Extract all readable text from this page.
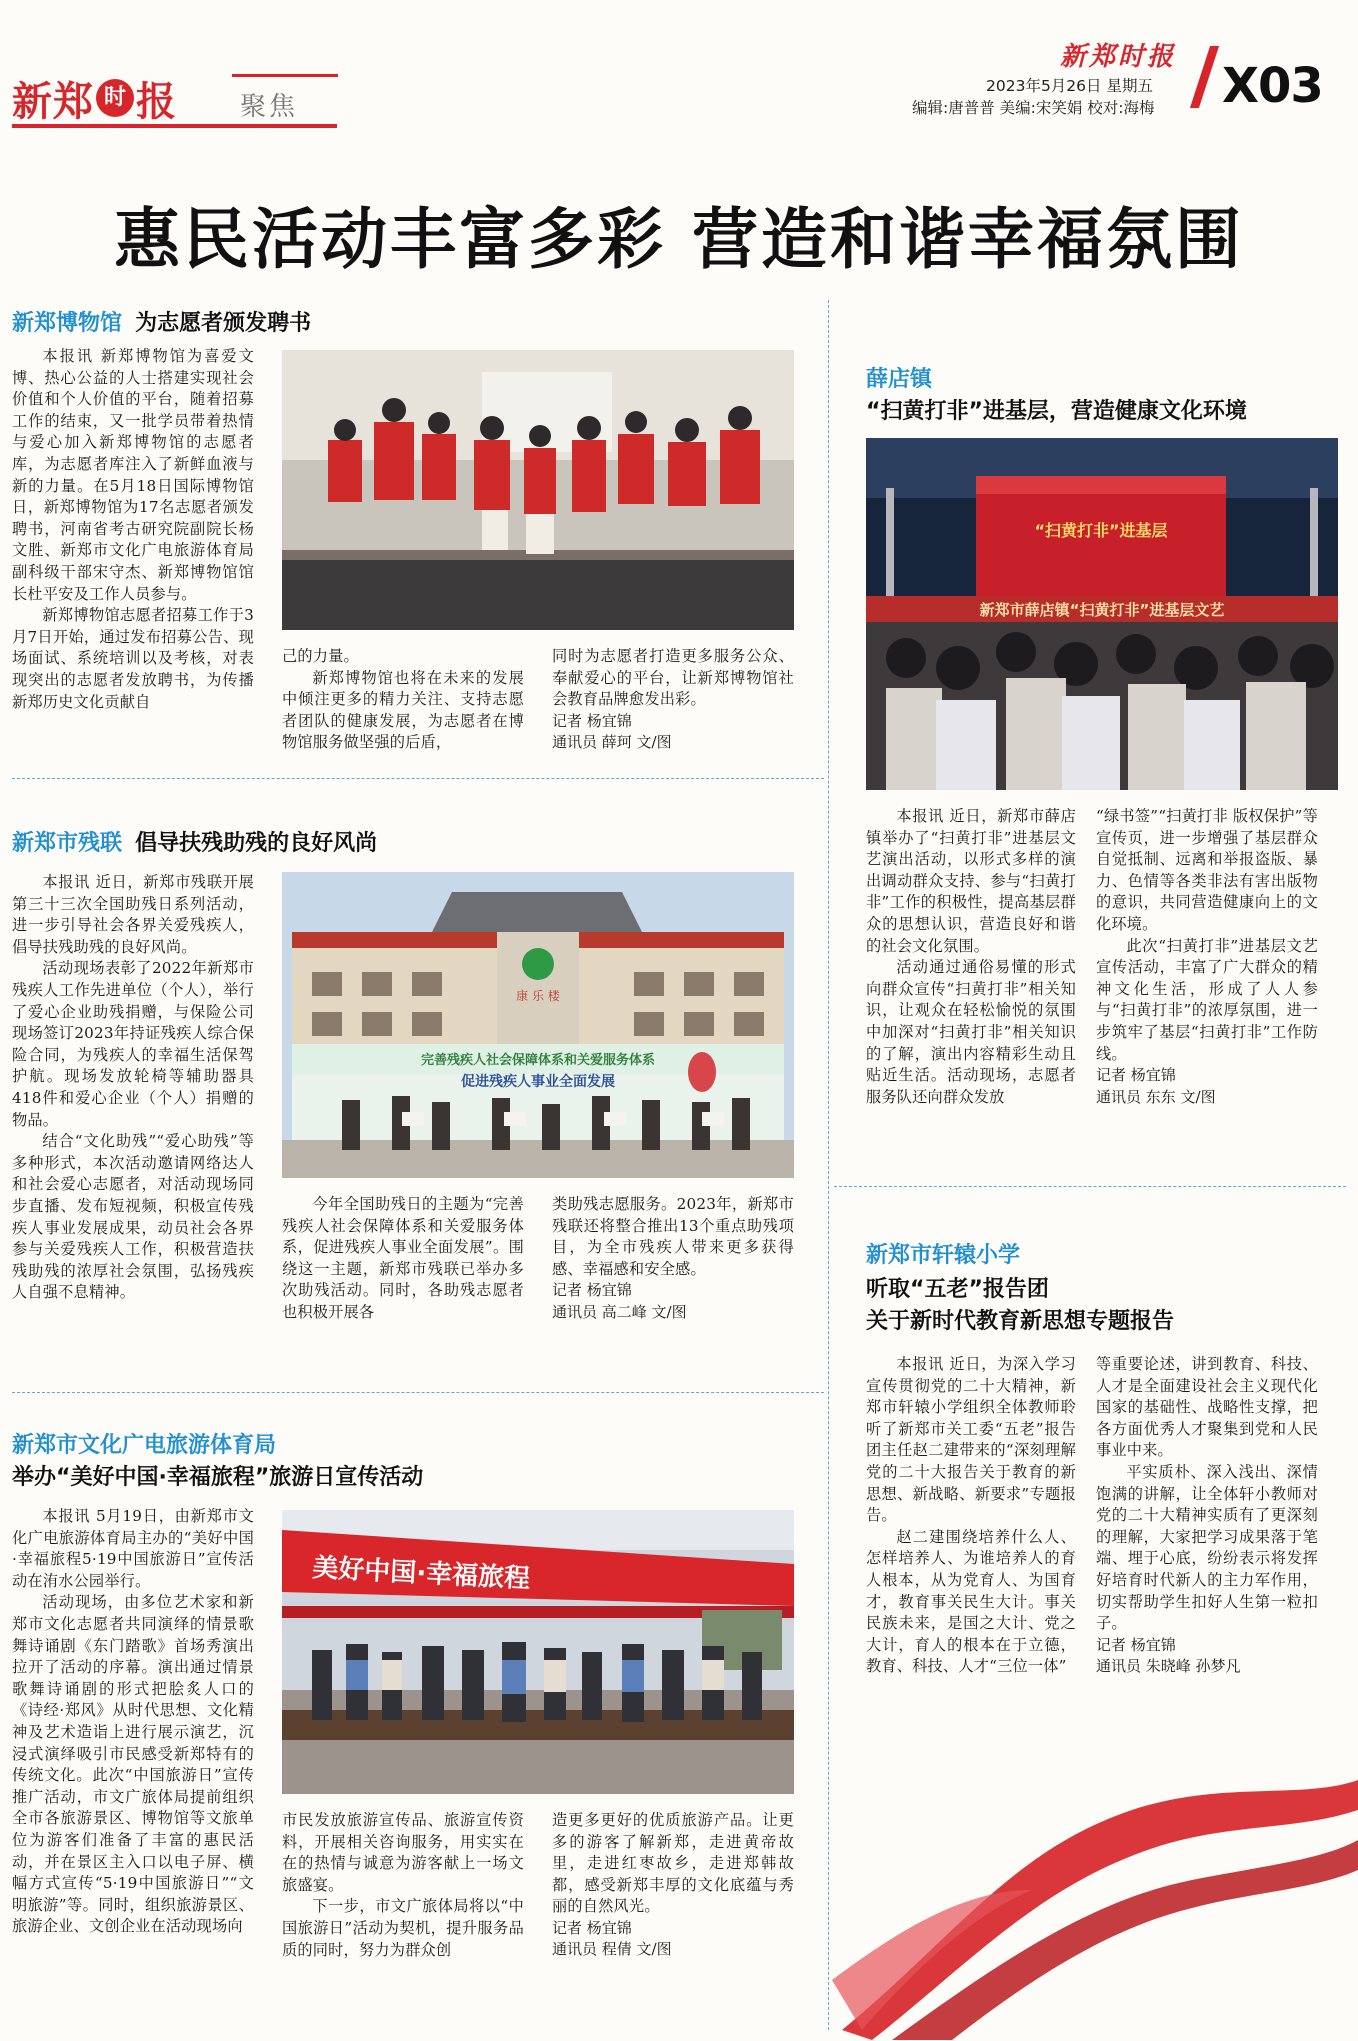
新郑 时 报 聚焦
新郑时报
2023年5月26日 星期五
编辑:唐普普 美编:宋笑娟 校对:海梅 X03
惠民活动丰富多彩 营造和谐幸福氛围
新郑博物馆 为志愿者颁发聘书

本报讯 新郑博物馆为喜爱文博、热心公益的人士搭建实现社会价值和个人价值的平台，随着招募工作的结束，又一批学员带着热情与爱心加入新郑博物馆的志愿者库，为志愿者库注入了新鲜血液与新的力量。在5月18日国际博物馆日，新郑博物馆为17名志愿者颁发聘书，河南省考古研究院副院长杨文胜、新郑市文化广电旅游体育局副科级干部宋守杰、新郑博物馆馆长杜平安及工作人员参与。

新郑博物馆志愿者招募工作于3月7日开始，通过发布招募公告、现场面试、系统培训以及考核，对表现突出的志愿者发放聘书，为传播新郑历史文化贡献自

己的力量。

新郑博物馆也将在未来的发展中倾注更多的精力关注、支持志愿者团队的健康发展，为志愿者在博物馆服务做坚强的后盾，

同时为志愿者打造更多服务公众、奉献爱心的平台，让新郑博物馆社会教育品牌愈发出彩。

记者 杨宜锦
通讯员 薛珂 文/图
新郑市残联 倡导扶残助残的良好风尚

本报讯 近日，新郑市残联开展第三十三次全国助残日系列活动，进一步引导社会各界关爱残疾人，倡导扶残助残的良好风尚。

活动现场表彰了2022年新郑市残疾人工作先进单位（个人），举行了爱心企业助残捐赠，与保险公司现场签订2023年持证残疾人综合保险合同，为残疾人的幸福生活保驾护航。现场发放轮椅等辅助器具418件和爱心企业（个人）捐赠的物品。

结合“文化助残”“爱心助残”等多种形式，本次活动邀请网络达人和社会爱心志愿者，对活动现场同步直播、发布短视频，积极宣传残疾人事业发展成果，动员社会各界参与关爱残疾人工作，积极营造扶残助残的浓厚社会氛围，弘扬残疾人自强不息精神。

康 乐 楼
完善残疾人社会保障体系和关爱服务体系
促进残疾人事业全面发展

今年全国助残日的主题为“完善残疾人社会保障体系和关爱服务体系，促进残疾人事业全面发展”。围绕这一主题，新郑市残联已举办多次助残活动。同时，各助残志愿者也积极开展各

类助残志愿服务。2023年，新郑市残联还将整合推出13个重点助残项目，为全市残疾人带来更多获得感、幸福感和安全感。

记者 杨宜锦
通讯员 高二峰 文/图
新郑市文化广电旅游体育局
举办“美好中国·幸福旅程”旅游日宣传活动

本报讯 5月19日，由新郑市文化广电旅游体育局主办的“美好中国·幸福旅程5·19中国旅游日”宣传活动在洧水公园举行。

活动现场，由多位艺术家和新郑市文化志愿者共同演绎的情景歌舞诗诵剧《东门踏歌》首场秀演出拉开了活动的序幕。演出通过情景歌舞诗诵剧的形式把脍炙人口的《诗经·郑风》从时代思想、文化精神及艺术造诣上进行展示演艺，沉浸式演绎吸引市民感受新郑特有的传统文化。此次“中国旅游日”宣传推广活动，市文广旅体局提前组织全市各旅游景区、博物馆等文旅单位为游客们准备了丰富的惠民活动，并在景区主入口以电子屏、横幅方式宣传“5·19中国旅游日”“文明旅游”等。同时，组织旅游景区、旅游企业、文创企业在活动现场向

美好中国·幸福旅程

市民发放旅游宣传品、旅游宣传资料，开展相关咨询服务，用实实在在的热情与诚意为游客献上一场文旅盛宴。

下一步，市文广旅体局将以“中国旅游日”活动为契机，提升服务品质的同时，努力为群众创

造更多更好的优质旅游产品。让更多的游客了解新郑，走进黄帝故里，走进红枣故乡，走进郑韩故都，感受新郑丰厚的文化底蕴与秀丽的自然风光。

记者 杨宜锦
通讯员 程倩 文/图
薛店镇
“扫黄打非”进基层，营造健康文化环境
“扫黄打非”进基层
新郑市薛店镇“扫黄打非”进基层文艺

本报讯 近日，新郑市薛店镇举办了“扫黄打非”进基层文艺演出活动，以形式多样的演出调动群众支持、参与“扫黄打非”工作的积极性，提高基层群众的思想认识，营造良好和谐的社会文化氛围。

活动通过通俗易懂的形式向群众宣传“扫黄打非”相关知识，让观众在轻松愉悦的氛围中加深对“扫黄打非”相关知识的了解，演出内容精彩生动且贴近生活。活动现场，志愿者服务队还向群众发放

“绿书签”“扫黄打非 版权保护”等宣传页，进一步增强了基层群众自觉抵制、远离和举报盗版、暴力、色情等各类非法有害出版物的意识，共同营造健康向上的文化环境。

此次“扫黄打非”进基层文艺宣传活动，丰富了广大群众的精神文化生活，形成了人人参与“扫黄打非”的浓厚氛围，进一步筑牢了基层“扫黄打非”工作防线。

记者 杨宜锦
通讯员 东东 文/图
新郑市轩辕小学
听取“五老”报告团
关于新时代教育新思想专题报告

本报讯 近日，为深入学习宣传贯彻党的二十大精神，新郑市轩辕小学组织全体教师聆听了新郑市关工委“五老”报告团主任赵二建带来的“深刻理解党的二十大报告关于教育的新思想、新战略、新要求”专题报告。

赵二建围绕培养什么人、怎样培养人、为谁培养人的育人根本，从为党育人、为国育才，教育事关民生大计。事关民族未来，是国之大计、党之大计，育人的根本在于立德，教育、科技、人才“三位一体”

等重要论述，讲到教育、科技、人才是全面建设社会主义现代化国家的基础性、战略性支撑，把各方面优秀人才聚集到党和人民事业中来。

平实质朴、深入浅出、深情饱满的讲解，让全体轩小教师对党的二十大精神实质有了更深刻的理解，大家把学习成果落于笔端、埋于心底，纷纷表示将发挥好培育时代新人的主力军作用，切实帮助学生扣好人生第一粒扣子。

记者 杨宜锦
通讯员 朱晓峰 孙梦凡
